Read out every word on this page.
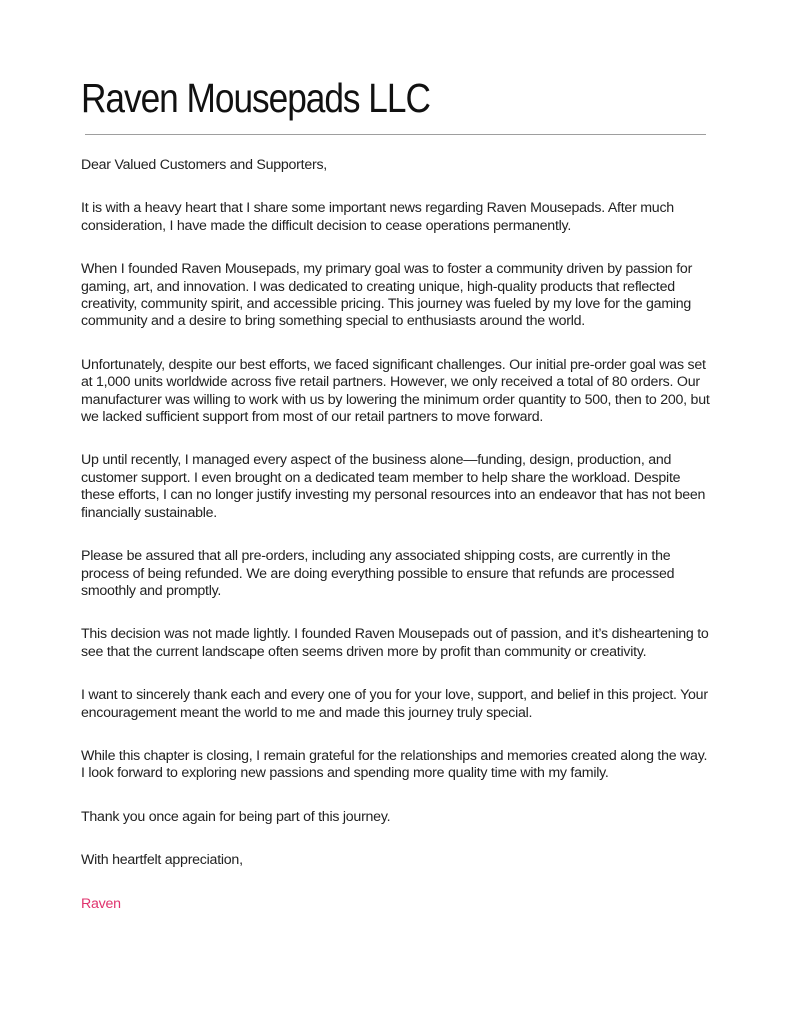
Raven Mousepads LLC

Dear Valued Customers and Supporters,

It is with a heavy heart that I share some important news regarding Raven Mousepads. After much consideration, I have made the difficult decision to cease operations permanently.

When I founded Raven Mousepads, my primary goal was to foster a community driven by passion for gaming, art, and innovation. I was dedicated to creating unique, high-quality products that reflected creativity, community spirit, and accessible pricing. This journey was fueled by my love for the gaming community and a desire to bring something special to enthusiasts around the world.

Unfortunately, despite our best efforts, we faced significant challenges. Our initial pre-order goal was set at 1,000 units worldwide across five retail partners. However, we only received a total of 80 orders. Our manufacturer was willing to work with us by lowering the minimum order quantity to 500, then to 200, but we lacked sufficient support from most of our retail partners to move forward.

Up until recently, I managed every aspect of the business alone—funding, design, production, and customer support. I even brought on a dedicated team member to help share the workload. Despite these efforts, I can no longer justify investing my personal resources into an endeavor that has not been financially sustainable.

Please be assured that all pre-orders, including any associated shipping costs, are currently in the process of being refunded. We are doing everything possible to ensure that refunds are processed smoothly and promptly.

This decision was not made lightly. I founded Raven Mousepads out of passion, and it’s disheartening to see that the current landscape often seems driven more by profit than community or creativity.

I want to sincerely thank each and every one of you for your love, support, and belief in this project. Your encouragement meant the world to me and made this journey truly special.

While this chapter is closing, I remain grateful for the relationships and memories created along the way. I look forward to exploring new passions and spending more quality time with my family.

Thank you once again for being part of this journey.

With heartfelt appreciation,

Raven
